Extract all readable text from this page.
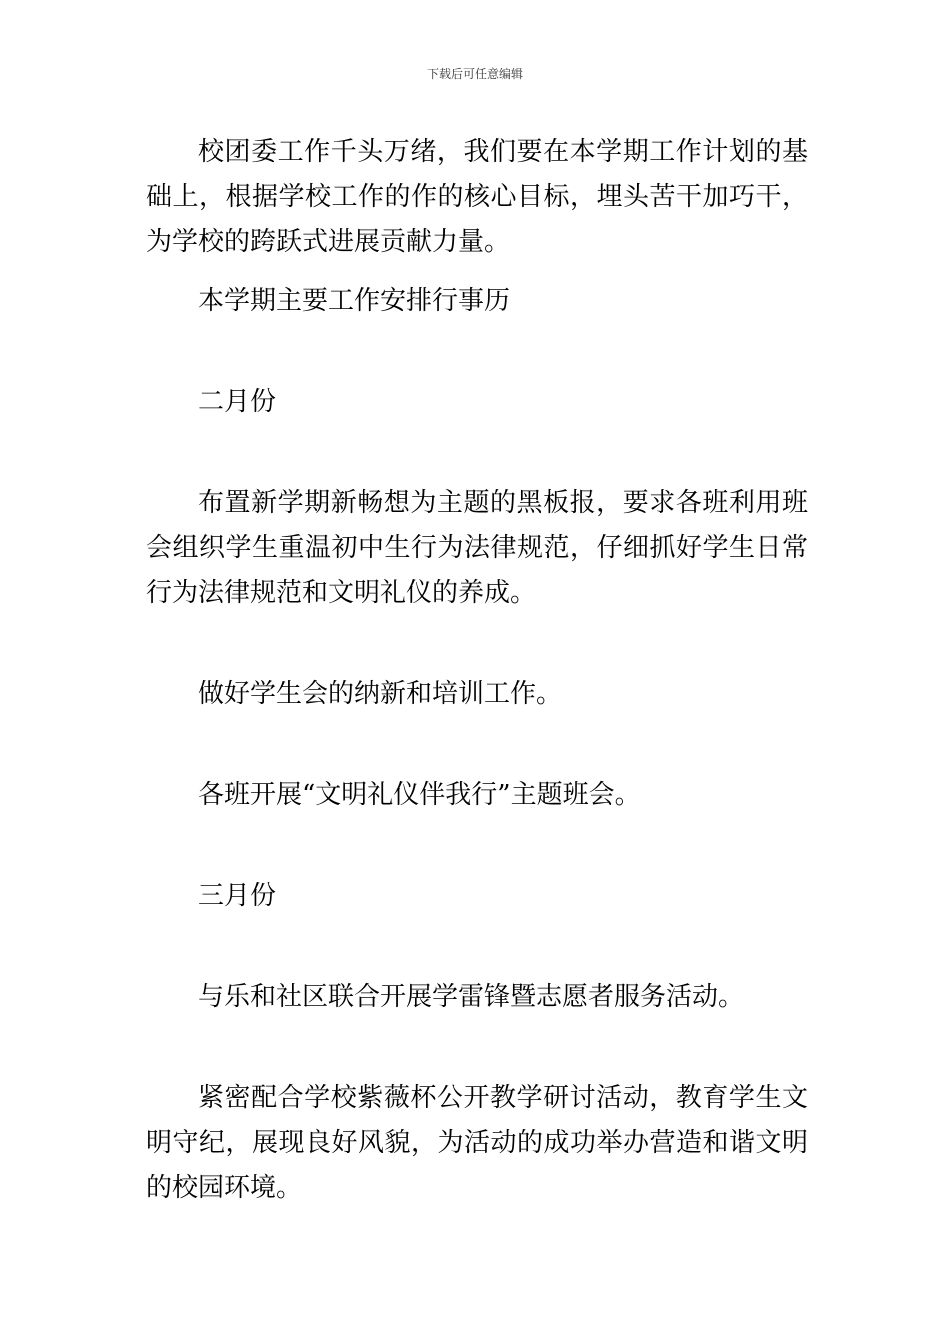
下载后可任意编辑

校团委工作千头万绪，我们要在本学期工作计划的基础上，根据学校工作的作的核心目标，埋头苦干加巧干，为学校的跨跃式进展贡献力量。

本学期主要工作安排行事历

二月份

布置新学期新畅想为主题的黑板报，要求各班利用班会组织学生重温初中生行为法律规范，仔细抓好学生日常行为法律规范和文明礼仪的养成。

做好学生会的纳新和培训工作。

各班开展“文明礼仪伴我行”主题班会。

三月份

与乐和社区联合开展学雷锋暨志愿者服务活动。

紧密配合学校紫薇杯公开教学研讨活动，教育学生文明守纪，展现良好风貌，为活动的成功举办营造和谐文明的校园环境。
